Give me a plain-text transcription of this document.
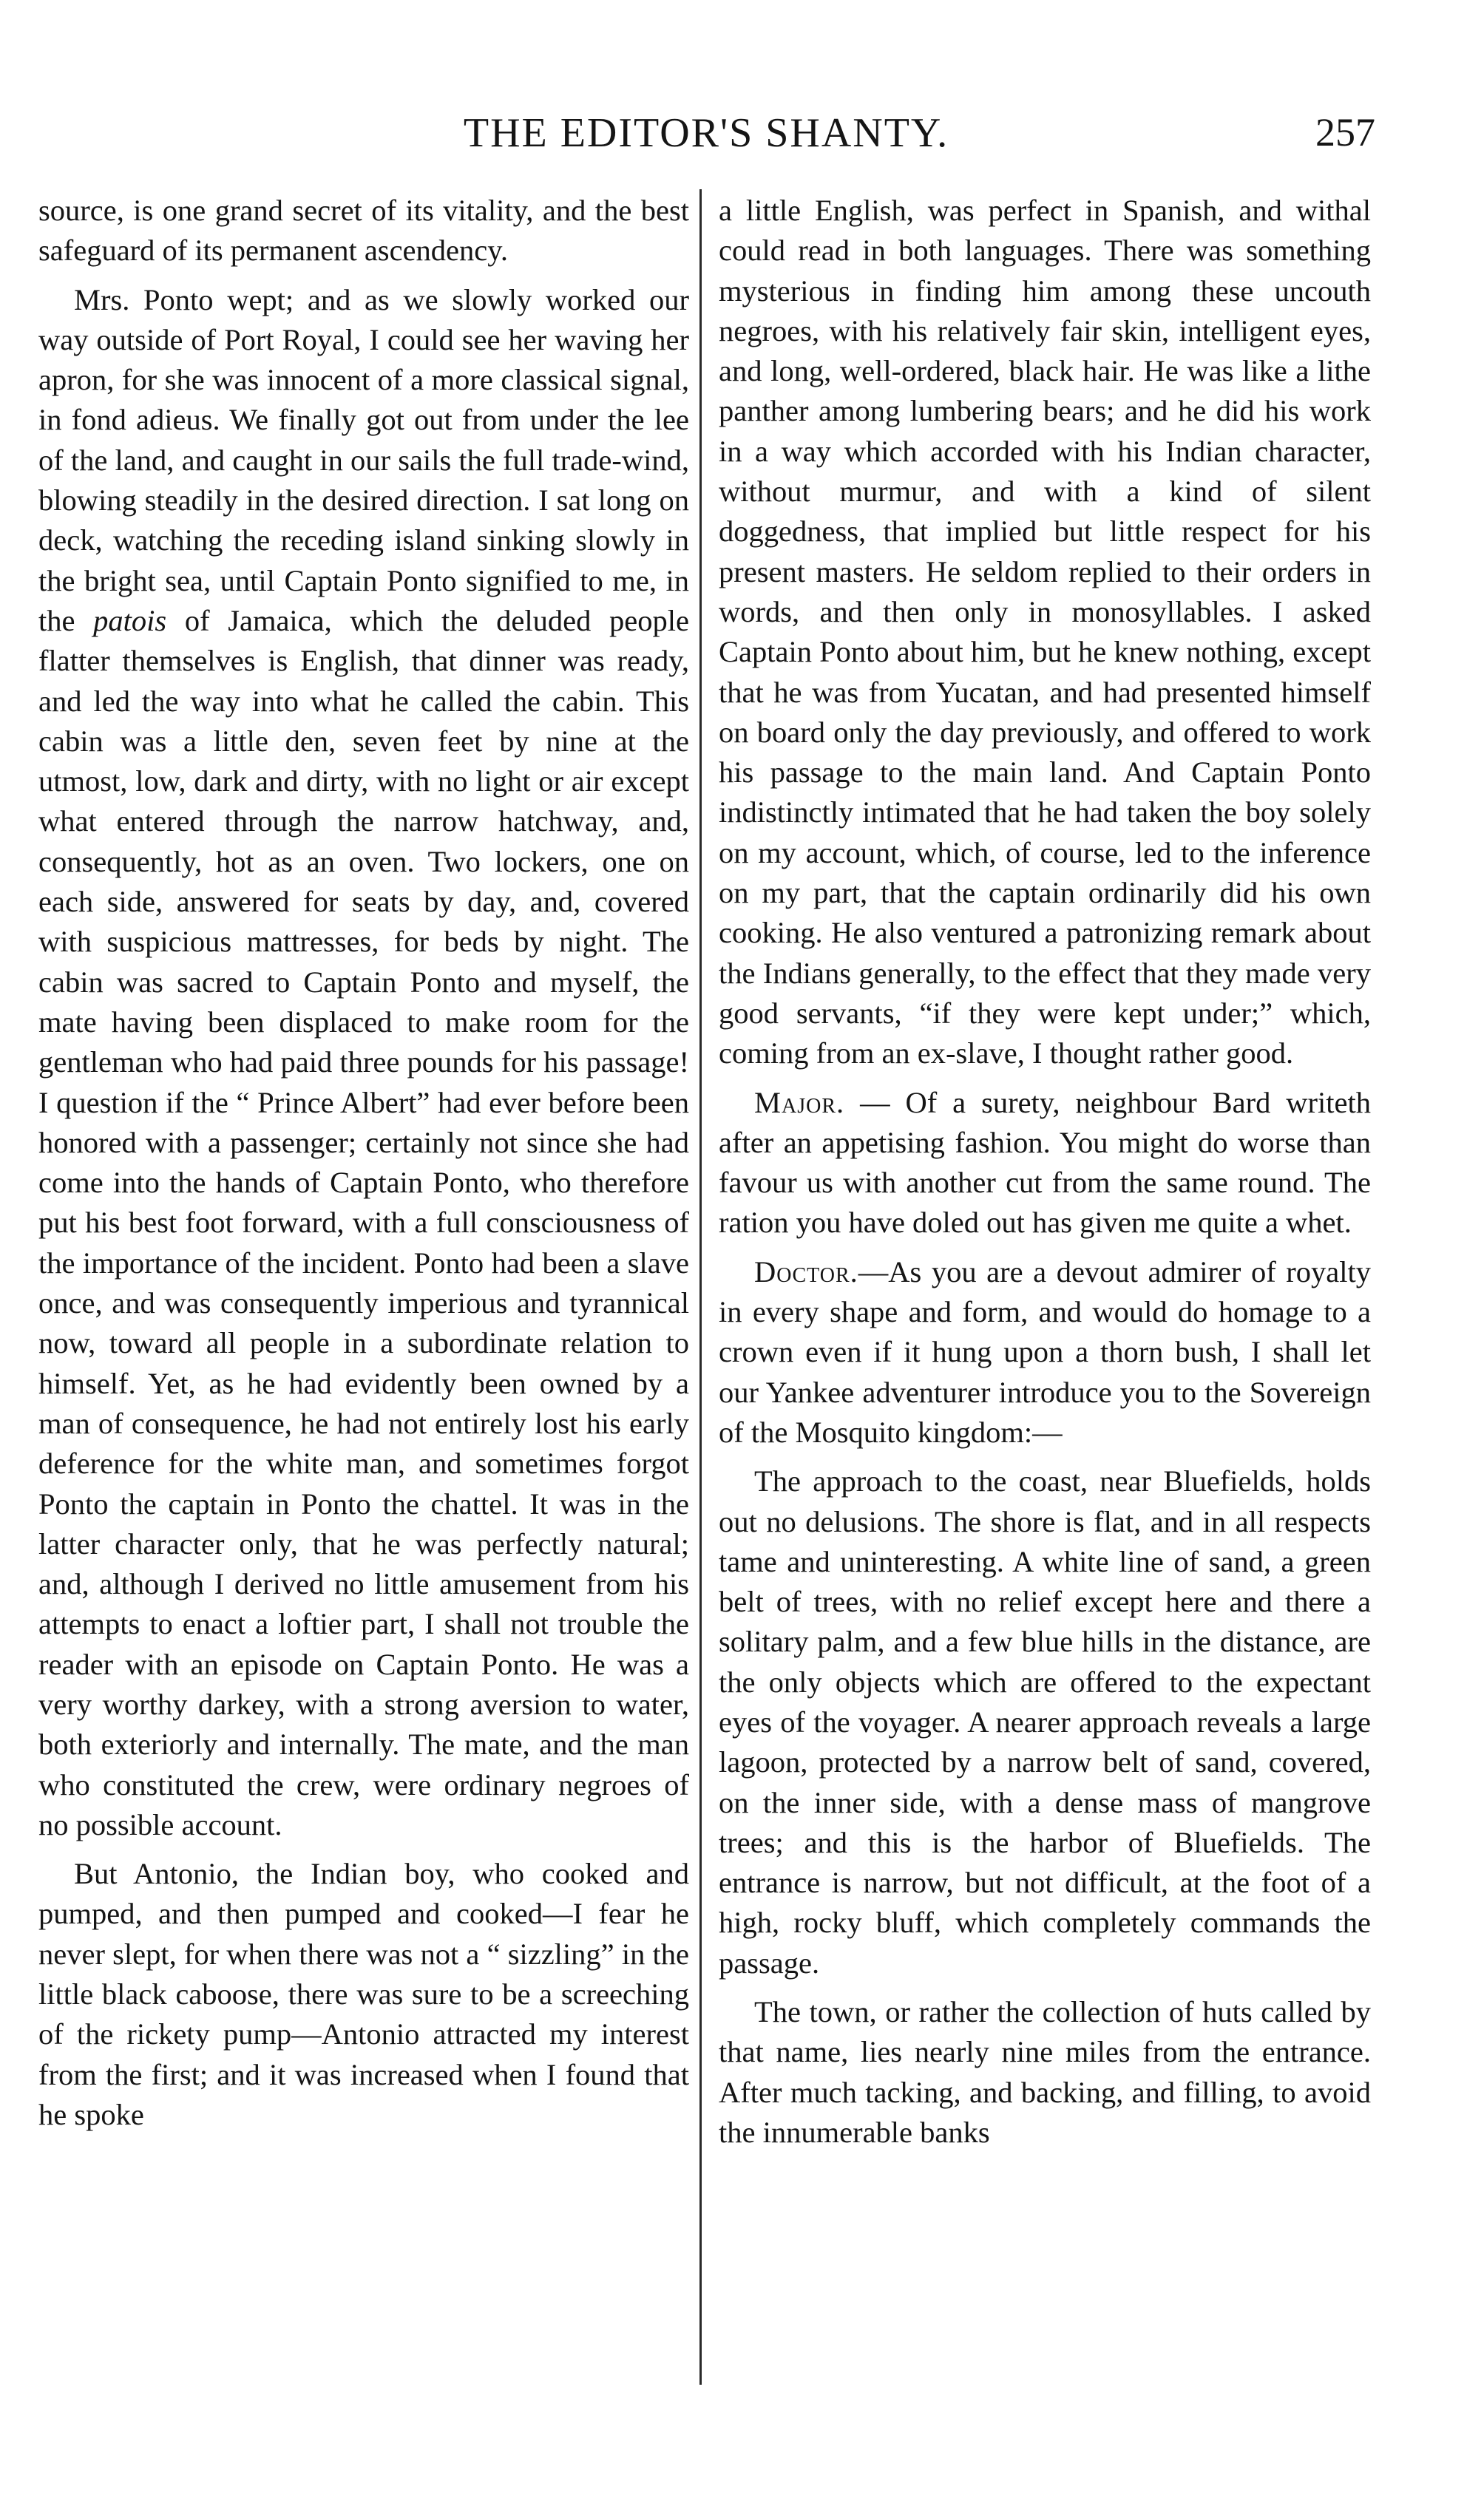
THE EDITOR'S SHANTY.	257

source, is one grand secret of its vitality, and the best safeguard of its permanent ascendency.

Mrs. Ponto wept; and as we slowly worked our way outside of Port Royal, I could see her waving her apron, for she was innocent of a more classical signal, in fond adieus. We finally got out from under the lee of the land, and caught in our sails the full trade-wind, blowing steadily in the desired direction. I sat long on deck, watching the receding island sinking slowly in the bright sea, until Captain Ponto signified to me, in the patois of Jamaica, which the deluded people flatter themselves is English, that dinner was ready, and led the way into what he called the cabin. This cabin was a little den, seven feet by nine at the utmost, low, dark and dirty, with no light or air except what entered through the narrow hatchway, and, consequently, hot as an oven. Two lockers, one on each side, answered for seats by day, and, covered with suspicious mattresses, for beds by night. The cabin was sacred to Captain Ponto and myself, the mate having been displaced to make room for the gentleman who had paid three pounds for his passage! I question if the “ Prince Albert” had ever before been honored with a passenger; certainly not since she had come into the hands of Captain Ponto, who therefore put his best foot forward, with a full consciousness of the importance of the incident. Ponto had been a slave once, and was consequently imperious and tyrannical now, toward all people in a subordinate relation to himself. Yet, as he had evidently been owned by a man of consequence, he had not entirely lost his early deference for the white man, and sometimes forgot Ponto the captain in Ponto the chattel. It was in the latter character only, that he was perfectly natural; and, although I derived no little amusement from his attempts to enact a loftier part, I shall not trouble the reader with an episode on Captain Ponto. He was a very worthy darkey, with a strong aversion to water, both exteriorly and internally. The mate, and the man who constituted the crew, were ordinary negroes of no possible account.

But Antonio, the Indian boy, who cooked and pumped, and then pumped and cooked—I fear he never slept, for when there was not a “ sizzling” in the little black caboose, there was sure to be a screeching of the rickety pump—Antonio attracted my interest from the first; and it was increased when I found that he spoke

a little English, was perfect in Spanish, and withal could read in both languages. There was something mysterious in finding him among these uncouth negroes, with his relatively fair skin, intelligent eyes, and long, well-ordered, black hair. He was like a lithe panther among lumbering bears; and he did his work in a way which accorded with his Indian character, without murmur, and with a kind of silent doggedness, that implied but little respect for his present masters. He seldom replied to their orders in words, and then only in monosyllables. I asked Captain Ponto about him, but he knew nothing, except that he was from Yucatan, and had presented himself on board only the day previously, and offered to work his passage to the main land. And Captain Ponto indistinctly intimated that he had taken the boy solely on my account, which, of course, led to the inference on my part, that the captain ordinarily did his own cooking. He also ventured a patronizing remark about the Indians generally, to the effect that they made very good servants, “if they were kept under;” which, coming from an ex-slave, I thought rather good.

Major. — Of a surety, neighbour Bard writeth after an appetising fashion. You might do worse than favour us with another cut from the same round. The ration you have doled out has given me quite a whet.

Doctor.—As you are a devout admirer of royalty in every shape and form, and would do homage to a crown even if it hung upon a thorn bush, I shall let our Yankee adventurer introduce you to the Sovereign of the Mosquito kingdom:—

The approach to the coast, near Bluefields, holds out no delusions. The shore is flat, and in all respects tame and uninteresting. A white line of sand, a green belt of trees, with no relief except here and there a solitary palm, and a few blue hills in the distance, are the only objects which are offered to the expectant eyes of the voyager. A nearer approach reveals a large lagoon, protected by a narrow belt of sand, covered, on the inner side, with a dense mass of mangrove trees; and this is the harbor of Bluefields. The entrance is narrow, but not difficult, at the foot of a high, rocky bluff, which completely commands the passage.

The town, or rather the collection of huts called by that name, lies nearly nine miles from the entrance. After much tacking, and backing, and filling, to avoid the innumerable banks
